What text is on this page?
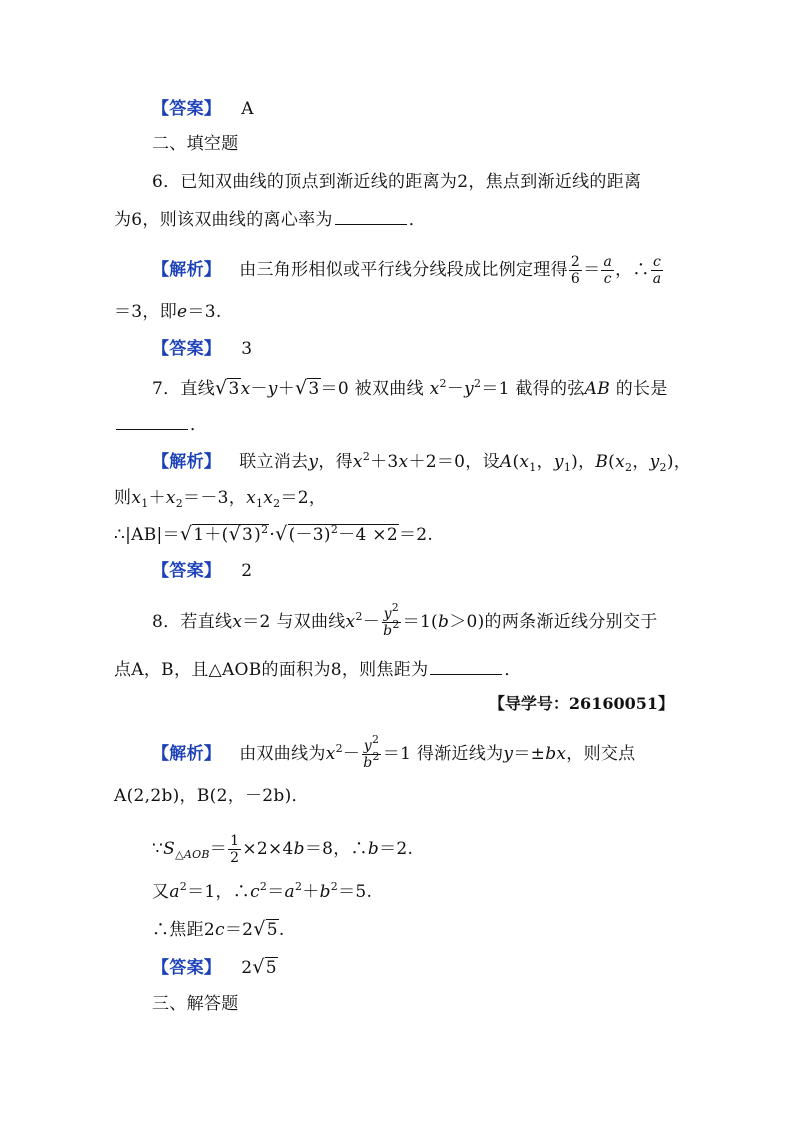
【答案】 A
二、填空题
6．已知双曲线的顶点到渐近线的距离为2，焦点到渐近线的距离
为6，则该双曲线的离心率为	．
【解析】 由三角形相似或平行线分线段成比例定理得 $\frac{2}{6} = \frac{a}{c}$ ，∴ $\frac{c}{a}$
＝3，即e＝3.
【答案】 3
7．直线√3x－y＋√3＝0 被双曲线 $x^2-y^2=1$ 截得的弦AB 的长是
．
【解析】 联立消去y，得$x^2+3x+2=0$，设$A(x_1$，$y_1$)，$B(x_2$，$y_2$)，
则$x_1+x_2=-3$，$x_1x_2=2$，
$\therefore|AB|=√1+(√3)^2\cdot√(-3)^2-4 \times 2=2$.
【答案】 2
8．若直线x＝2 与双曲线$x^2- \frac{y^2}{b^2} =1(b>0)$的两条渐近线分别交于
点A，B，且△AOB的面积为8，则焦距为	．
【导学号：26160051】
【解析】 由双曲线为$x^2- \frac{y^2}{b^2} =1$ 得渐近线为y＝±bx，则交点
A(2,2b)，B(2，－2b)．
$\because S_{\triangle AOB}= \frac{1}{2} \times 2\times 4b=8$，∴b＝2.
又$a^2=1$，$\therefore c^2=a^2+b^2=5$.
∴焦距2c＝2√5.
【答案】 2√5
三、解答题
